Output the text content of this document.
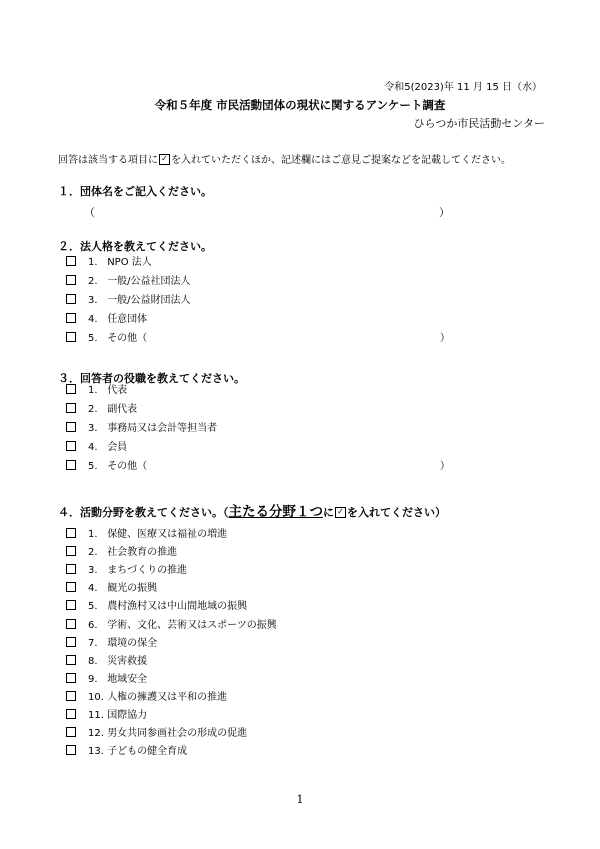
令和5(2023)年 11 月 15 日（水）
令和５年度 市民活動団体の現状に関するアンケート調査
ひらつか市民活動センター
回答は該当する項目に ✓ を入れていただくほか、記述欄にはご意見ご提案などを記載してください。
１．団体名をご記入ください。
（	）
２．法人格を教えてください。
1. NPO 法人
2. 一般/公益社団法人
3. 一般/公益財団法人
4. 任意団体
5. その他（	）
３．回答者の役職を教えてください。
1. 代表
2. 副代表
3. 事務局又は会計等担当者
4. 会員
5. その他（	）
４．活動分野を教えてください。（主たる分野１つに ✓ を入れてください）
1. 保健、医療又は福祉の増進
2. 社会教育の推進
3. まちづくりの推進
4. 観光の振興
5. 農村漁村又は中山間地域の振興
6. 学術、文化、芸術又はスポーツの振興
7. 環境の保全
8. 災害救援
9. 地域安全
10. 人権の擁護又は平和の推進
11. 国際協力
12. 男女共同参画社会の形成の促進
13. 子どもの健全育成
1
